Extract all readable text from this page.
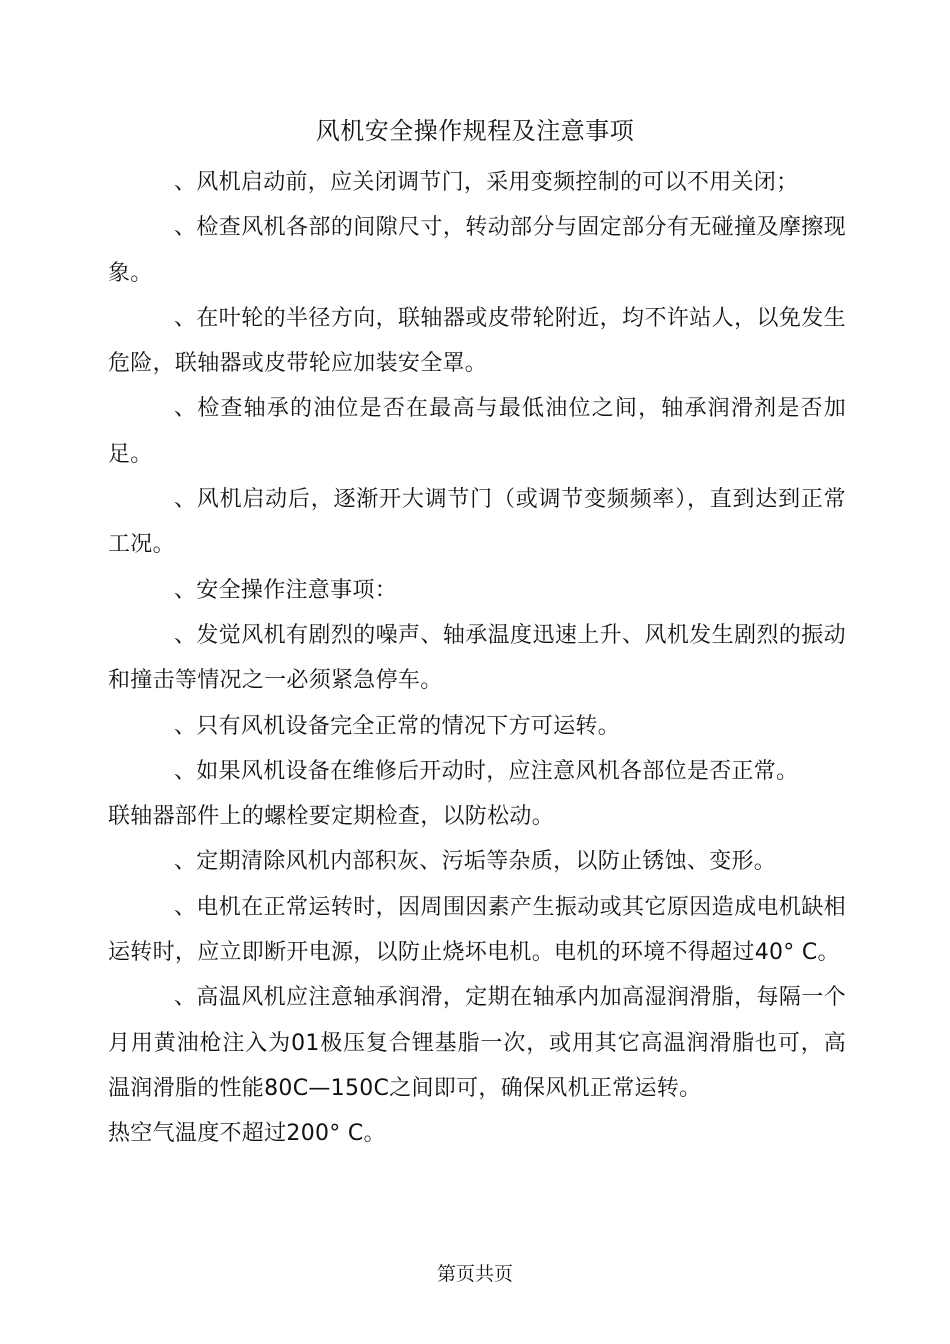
风机安全操作规程及注意事项

、风机启动前，应关闭调节门，采用变频控制的可以不用关闭；

、检查风机各部的间隙尺寸，转动部分与固定部分有无碰撞及摩擦现象。

、在叶轮的半径方向，联轴器或皮带轮附近，均不许站人，以免发生危险，联轴器或皮带轮应加装安全罩。

、检查轴承的油位是否在最高与最低油位之间，轴承润滑剂是否加足。

、风机启动后，逐渐开大调节门（或调节变频频率），直到达到正常工况。

、安全操作注意事项：

、发觉风机有剧烈的噪声、轴承温度迅速上升、风机发生剧烈的振动和撞击等情况之一必须紧急停车。

、只有风机设备完全正常的情况下方可运转。

、如果风机设备在维修后开动时，应注意风机各部位是否正常。

联轴器部件上的螺栓要定期检查，以防松动。

、定期清除风机内部积灰、污垢等杂质，以防止锈蚀、变形。

、电机在正常运转时，因周围因素产生振动或其它原因造成电机缺相运转时，应立即断开电源，以防止烧坏电机。电机的环境不得超过40° C。

、高温风机应注意轴承润滑，定期在轴承内加高湿润滑脂，每隔一个月用黄油枪注入为01极压复合锂基脂一次，或用其它高温润滑脂也可，高温润滑脂的性能80C—150C之间即可，确保风机正常运转。

热空气温度不超过200° C。

第页共页
